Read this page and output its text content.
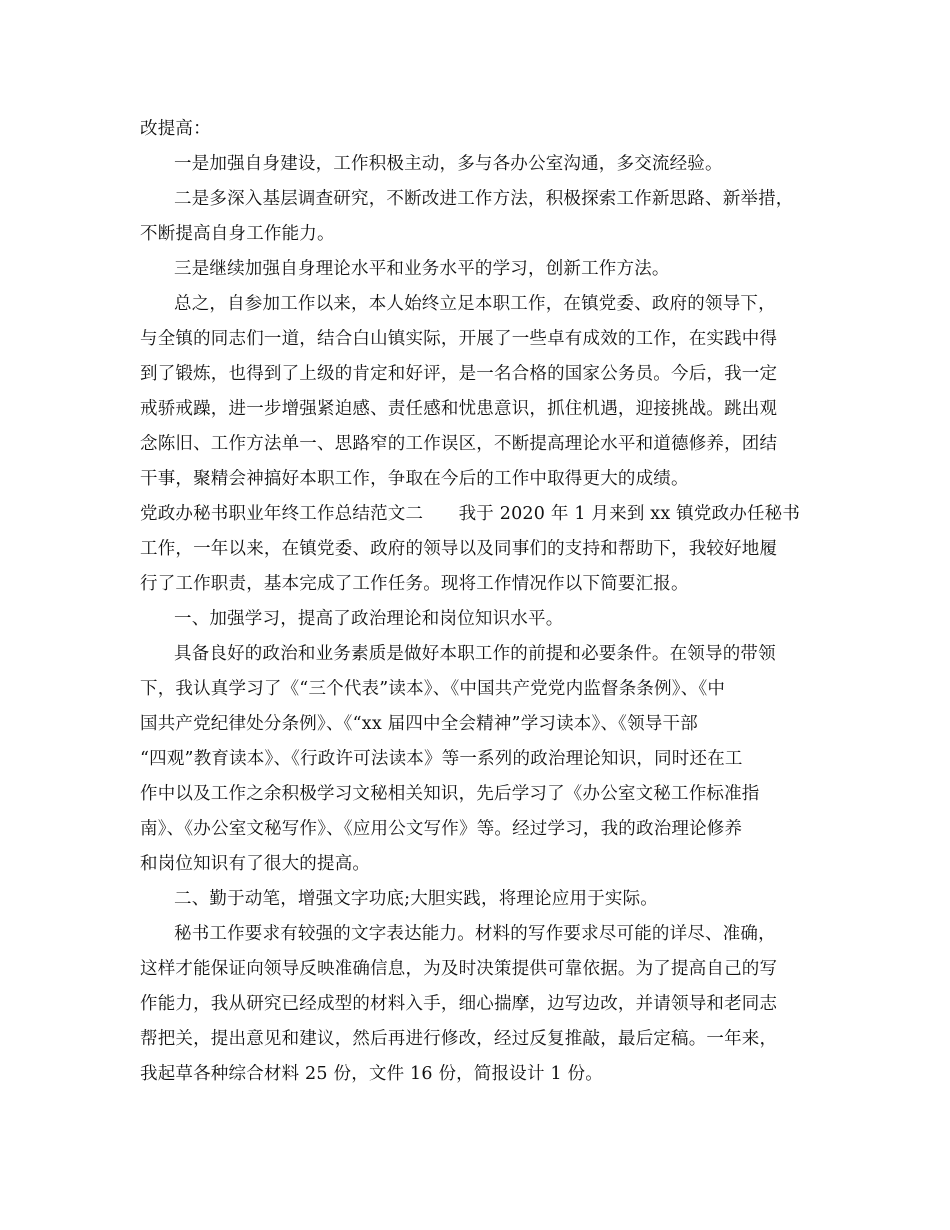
改提高：
一是加强自身建设，工作积极主动，多与各办公室沟通，多交流经验。
二是多深入基层调查研究，不断改进工作方法，积极探索工作新思路、新举措，
不断提高自身工作能力。
三是继续加强自身理论水平和业务水平的学习，创新工作方法。
总之，自参加工作以来，本人始终立足本职工作，在镇党委、政府的领导下，
与全镇的同志们一道，结合白山镇实际，开展了一些卓有成效的工作，在实践中得
到了锻炼，也得到了上级的肯定和好评，是一名合格的国家公务员。今后，我一定
戒骄戒躁，进一步增强紧迫感、责任感和忧患意识，抓住机遇，迎接挑战。跳出观
念陈旧、工作方法单一、思路窄的工作误区，不断提高理论水平和道德修养，团结
干事，聚精会神搞好本职工作，争取在今后的工作中取得更大的成绩。
党政办秘书职业年终工作总结范文二　　我于 2020 年 1 月来到 xx 镇党政办任秘书
工作，一年以来，在镇党委、政府的领导以及同事们的支持和帮助下，我较好地履
行了工作职责，基本完成了工作任务。现将工作情况作以下简要汇报。
一、加强学习，提高了政治理论和岗位知识水平。
具备良好的政治和业务素质是做好本职工作的前提和必要条件。在领导的带领
下，我认真学习了《“三个代表”读本》、《中国共产党党内监督条条例》、《中
国共产党纪律处分条例》、《“xx 届四中全会精神”学习读本》、《领导干部
“四观”教育读本》、《行政许可法读本》等一系列的政治理论知识，同时还在工
作中以及工作之余积极学习文秘相关知识，先后学习了《办公室文秘工作标准指
南》、《办公室文秘写作》、《应用公文写作》等。经过学习，我的政治理论修养
和岗位知识有了很大的提高。
二、勤于动笔，增强文字功底;大胆实践，将理论应用于实际。
秘书工作要求有较强的文字表达能力。材料的写作要求尽可能的详尽、准确，
这样才能保证向领导反映准确信息，为及时决策提供可靠依据。为了提高自己的写
作能力，我从研究已经成型的材料入手，细心揣摩，边写边改，并请领导和老同志
帮把关，提出意见和建议，然后再进行修改，经过反复推敲，最后定稿。一年来，
我起草各种综合材料 25 份，文件 16 份，简报设计 1 份。
